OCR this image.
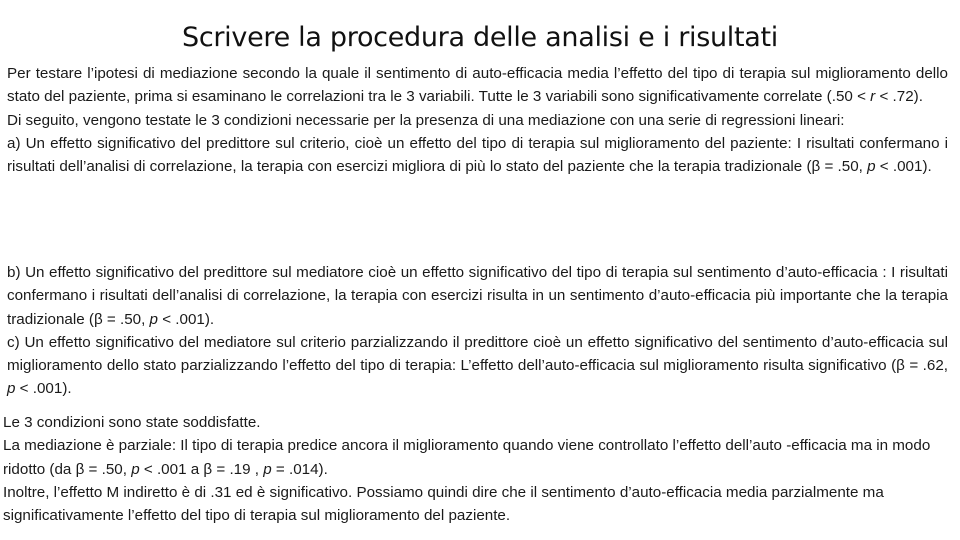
Scrivere la procedura delle analisi e i risultati

Per testare l’ipotesi di mediazione secondo la quale il sentimento di auto-efficacia media l’effetto del tipo di terapia sul miglioramento dello stato del paziente, prima si esaminano le correlazioni tra le 3 variabili. Tutte le 3 variabili sono significativamente correlate (.50 < r < .72).

Di seguito, vengono testate le 3 condizioni necessarie per la presenza di una mediazione con una serie di regressioni lineari:

a) Un effetto significativo del predittore sul criterio, cioè un effetto del tipo di terapia sul miglioramento del paziente: I risultati confermano i risultati dell’analisi di correlazione, la terapia con esercizi migliora di più lo stato del paziente che la terapia tradizionale (β = .50, p < .001).

b) Un effetto significativo del predittore sul mediatore cioè un effetto significativo del tipo di terapia sul sentimento d’auto-efficacia : I risultati confermano i risultati dell’analisi di correlazione, la terapia con esercizi risulta in un sentimento d’auto-efficacia più importante che la terapia tradizionale (β = .50, p < .001).

c) Un effetto significativo del mediatore sul criterio parzializzando il predittore cioè un effetto significativo del sentimento d’auto-efficacia sul miglioramento dello stato parzializzando l’effetto del tipo di terapia: L’effetto dell’auto-efficacia sul miglioramento risulta significativo (β = .62, p < .001).

Le 3 condizioni sono state soddisfatte.

La mediazione è parziale: Il tipo di terapia predice ancora il miglioramento quando viene controllato l’effetto dell’auto -efficacia ma in modo ridotto (da β = .50, p < .001 a β = .19 , p = .014).

Inoltre, l’effetto M indiretto è di .31 ed è significativo. Possiamo quindi dire che il sentimento d’auto-efficacia media parzialmente ma significativamente l’effetto del tipo di terapia sul miglioramento del paziente.
